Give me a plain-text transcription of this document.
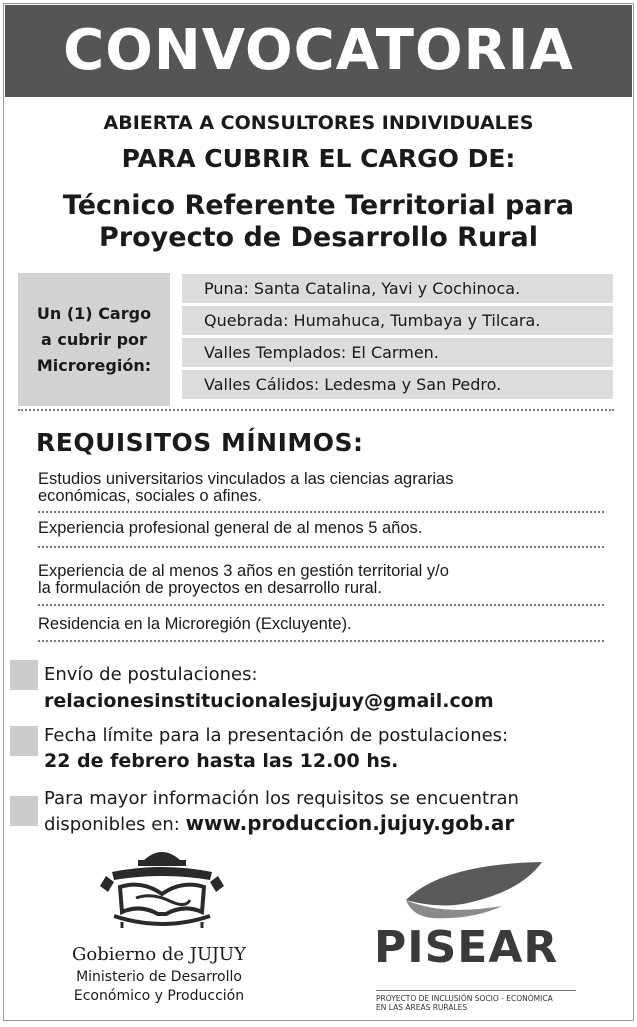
CONVOCATORIA
ABIERTA A CONSULTORES INDIVIDUALES
PARA CUBRIR EL CARGO DE:
Técnico Referente Territorial para
Proyecto de Desarrollo Rural
Un (1) Cargo
a cubrir por
Microregión:
Puna: Santa Catalina, Yavi y Cochinoca.
Quebrada: Humahuca, Tumbaya y Tilcara.
Valles Templados: El Carmen.
Valles Cálidos: Ledesma y San Pedro.
REQUISITOS MÍNIMOS:
Estudios universitarios vinculados a las ciencias agrarias
económicas, sociales o afines.
Experiencia profesional general de al menos 5 años.
Experiencia de al menos 3 años en gestión territorial y/o
la formulación de proyectos en desarrollo rural.
Residencia en la Microregión (Excluyente).
Envío de postulaciones:
relacionesinstitucionalesjujuy@gmail.com
Fecha límite para la presentación de postulaciones:
22 de febrero hasta las 12.00 hs.
Para mayor información los requisitos se encuentran
disponibles en: www.produccion.jujuy.gob.ar
Gobierno de JUJUY
Ministerio de Desarrollo
Económico y Producción
PISEAR
PROYECTO DE INCLUSIÓN SOCIO - ECONÓMICA
EN LAS ÁREAS RURALES
